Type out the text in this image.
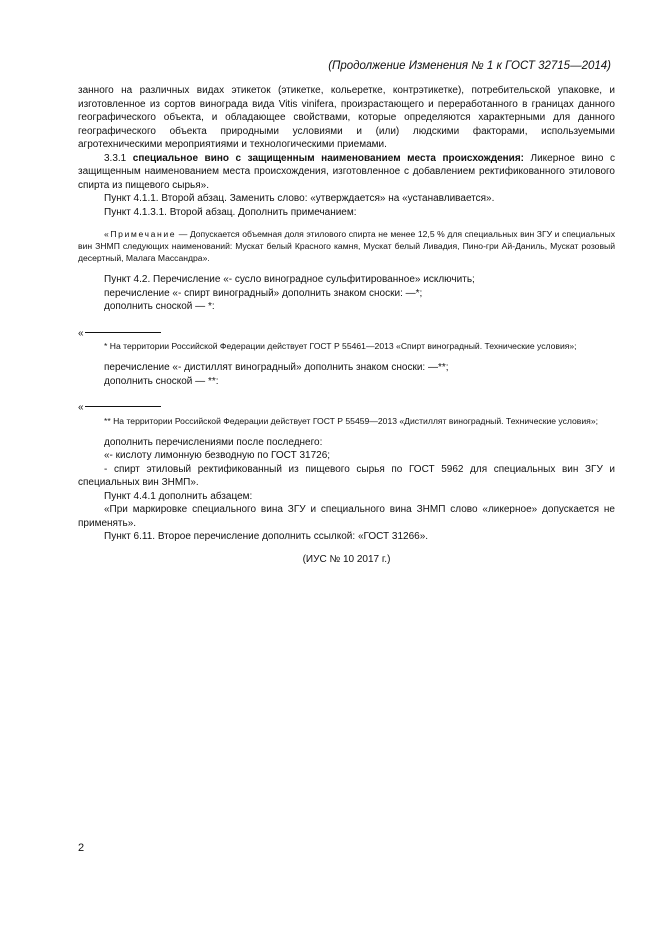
(Продолжение Изменения № 1 к ГОСТ 32715—2014)

занного на различных видах этикеток (этикетке, кольеретке, контрэтикетке), потребительской упаковке, и изготовленное из сортов винограда вида Vitis vinifera, произрастающего и переработанного в границах данного географического объекта, и обладающее свойствами, которые определяются характерными для данного географического объекта природными условиями и (или) людскими факторами, используемыми агротехническими мероприятиями и технологическими приемами.

3.3.1 специальное вино с защищенным наименованием места происхождения: Ликерное вино с защищенным наименованием места происхождения, изготовленное с добавлением ректификованного этилового спирта из пищевого сырья».

Пункт 4.1.1. Второй абзац. Заменить слово: «утверждается» на «устанавливается».

Пункт 4.1.3.1. Второй абзац. Дополнить примечанием:

«Примечание — Допускается объемная доля этилового спирта не менее 12,5 % для специальных вин ЗГУ и специальных вин ЗНМП следующих наименований: Мускат белый Красного камня, Мускат белый Ливадия, Пино-гри Ай-Даниль, Мускат розовый десертный, Малага Массандра».

Пункт 4.2. Перечисление «- сусло виноградное сульфитированное» исключить;

перечисление «- спирт виноградный» дополнить знаком сноски: —*;

дополнить сноской — *:

«

* На территории Российской Федерации действует ГОСТ Р 55461—2013 «Спирт виноградный. Технические условия»;

перечисление «- дистиллят виноградный» дополнить знаком сноски: —**;

дополнить сноской — **:

«

** На территории Российской Федерации действует ГОСТ Р 55459—2013 «Дистиллят виноградный. Технические условия»;

дополнить перечислениями после последнего:

«- кислоту лимонную безводную по ГОСТ 31726;

- спирт этиловый ректификованный из пищевого сырья по ГОСТ 5962 для специальных вин ЗГУ и специальных вин ЗНМП».

Пункт 4.4.1 дополнить абзацем:

«При маркировке специального вина ЗГУ и специального вина ЗНМП слово «ликерное» допускается не применять».

Пункт 6.11. Второе перечисление дополнить ссылкой: «ГОСТ 31266».

(ИУС № 10 2017 г.)

2
